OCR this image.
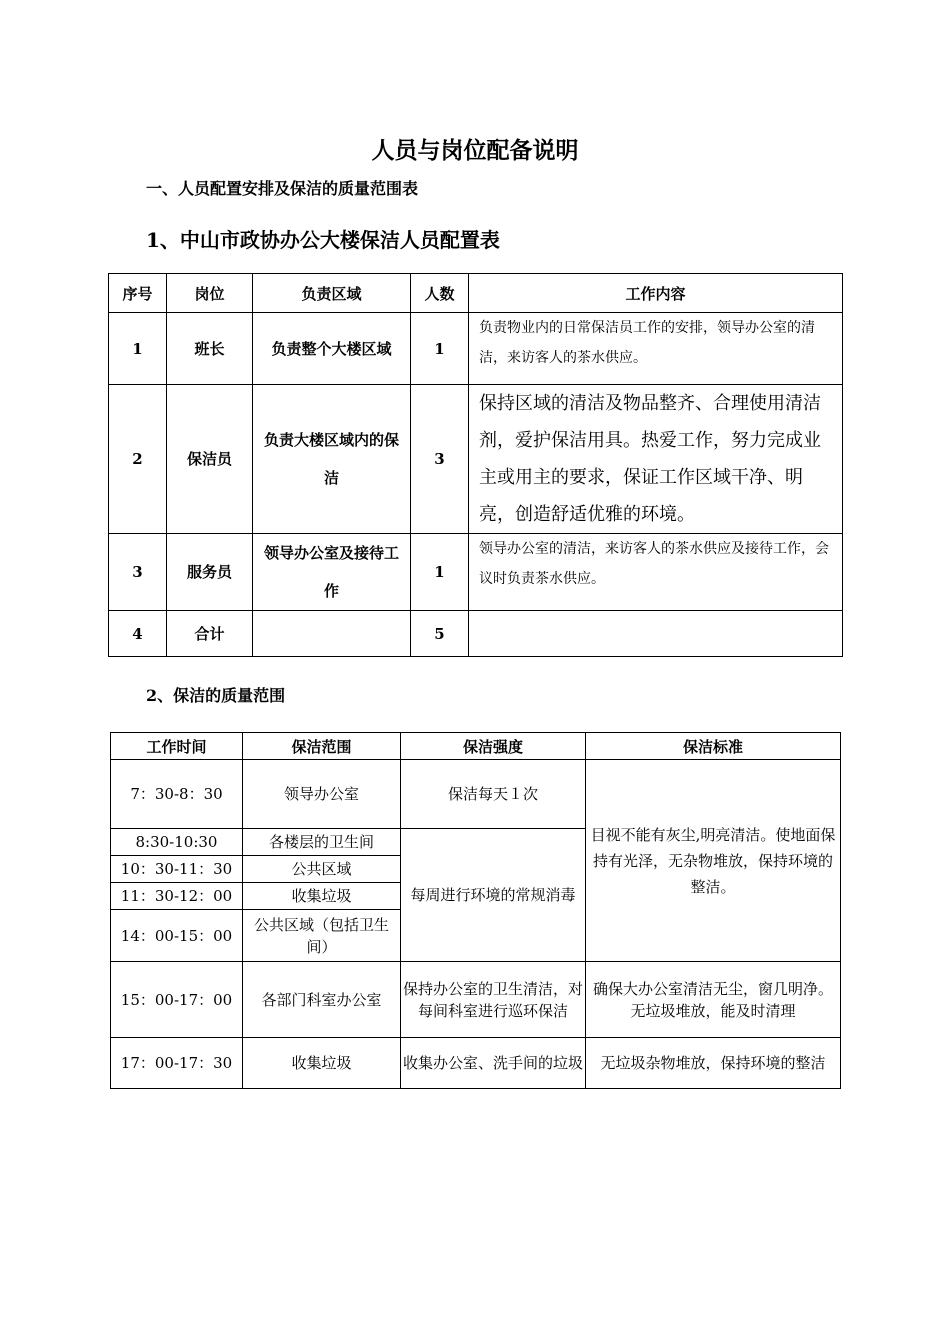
人员与岗位配备说明
一、人员配置安排及保洁的质量范围表
1、中山市政协办公大楼保洁人员配置表
序号	岗位	负责区域	人数	工作内容
1	班长	负责整个大楼区域	1	负责物业内的日常保洁员工作的安排，领导办公室的清洁，来访客人的茶水供应。
2	保洁员	负责大楼区域内的保洁	3	保持区域的清洁及物品整齐、合理使用清洁剂，爱护保洁用具。热爱工作，努力完成业主或用主的要求，保证工作区域干净、明亮，创造舒适优雅的环境。
3	服务员	领导办公室及接待工作	1	领导办公室的清洁，来访客人的茶水供应及接待工作，会议时负责茶水供应。
4	合计		5	
2、保洁的质量范围
工作时间	保洁范围	保洁强度	保洁标准
7：30-8：30	领导办公室	保洁每天１次	目视不能有灰尘,明亮清洁。使地面保持有光泽，无杂物堆放，保持环境的整洁。
8:30-10:30	各楼层的卫生间	每周进行环境的常规消毒	
10：30-11：30	公共区域		
11：30-12：00	收集垃圾		
14：00-15：00	公共区域（包括卫生间）		
15：00-17：00	各部门科室办公室	保持办公室的卫生清洁，对每间科室进行巡环保洁	确保大办公室清洁无尘，窗几明净。无垃圾堆放，能及时清理
17：00-17：30	收集垃圾	收集办公室、洗手间的垃圾	无垃圾杂物堆放，保持环境的整洁
